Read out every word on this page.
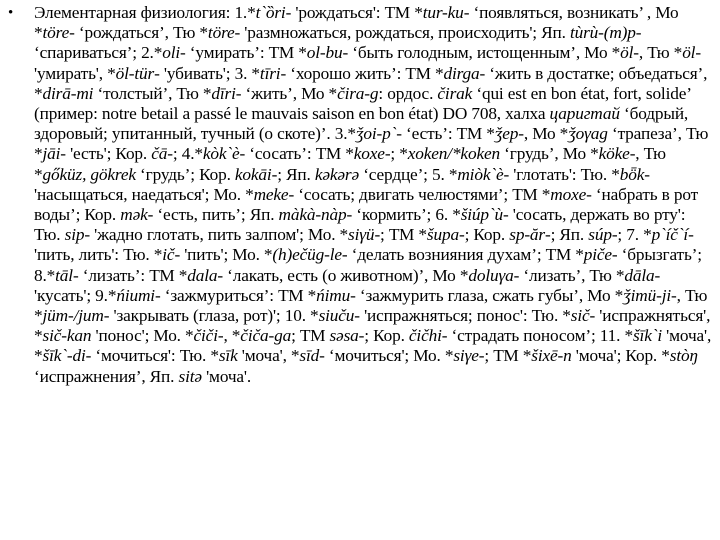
• Элементарная физиология: 1.*t`ȍri- 'рождаться': ТМ *tur-ku- ‘появляться, возникать’ , Мо *töre- ‘рождаться’, Тю *töre- 'размножаться, рождаться, происходить'; Яп. tùrù-(m)p- ‘спариваться’; 2.*oli- ‘умирать’: ТМ *ol-bu- ‘быть голодным, истощенным’, Мо *öl-, Тю *öl- 'умирать', *öl-tür- 'убивать'; 3. *tīri- ‘хорошо жить’: ТМ *dirga- ‘жить в достатке; объедаться’, *dirā-mi ‘толстый’, Тю *dīri- ‘жить’, Мо *čira-g: ордос. čirak ‘qui est en bon état, fort, solide’ (пример: notre betail a passé le mauvais saison en bon état) DO 708, халха царигтай ‘бодрый, здоровый; упитанный, тучный (о скоте)’. 3.*ǯoi-p`- ‘есть’: ТМ *ǯep-, Мо *ǯoγag ‘трапеза’, Тю *jāi- 'есть'; Кор. čā-; 4.*kòk`è- ‘сосать’: ТМ *koxe-; *xoken/*koken ‘грудь’, Мо *köke-, Тю *gőküz, gökrek ‘грудь’; Кор. kokāi-; Яп. kəkərə ‘сердце’; 5. *miòk`è- 'глотать': Тю. *bȫk- 'насыщаться, наедаться'; Мо. *meke- ‘сосать; двигать челюстями’; ТМ *moxe- ‘набрать в рот воды’; Кор. mək- ‘есть, пить’; Яп. màkà-nàp- ‘кормить’; 6. *šiúp`ù- 'сосать, держать во рту': Тю. sip- 'жадно глотать, пить залпом'; Мо. *siγü-; ТМ *šupa-; Кор. sp-ăr-; Яп. súp-; 7. *p`íč`í- 'пить, лить': Тю. *ič- 'пить'; Мо. *(h)ečüg-le- ‘делать вознияния духам’; ТМ *piče- ‘брызгать’; 8.*tāl- ‘лизать’: ТМ *dala- ‘лакать, есть (о животном)’, Мо *doluγa- ‘лизать’, Тю *dāla- 'кусать'; 9.*ńiumi- ‘зажмуриться’: ТМ *ńimu- ‘зажмурить глаза, сжать губы’, Мо *ǯimü-ji-, Тю *jüm-/jum- 'закрывать (глаза, рот)'; 10. *siuču- 'испражняться; понос': Тю. *sič- 'испражняться', *sič-kan 'понос'; Мо. *čiči-, *čiča-ga; ТМ səsa-; Кор. čičhi- ‘страдать поносом’; 11. *šīk`i 'моча', *šīk`-di- ‘мочиться': Тю. *sīk 'моча', *sīd- ‘мочиться'; Мо. *siγe-; ТМ *šixē-n 'моча'; Кор. *stòŋ ‘испражнения’, Яп. sitə 'моча'.
